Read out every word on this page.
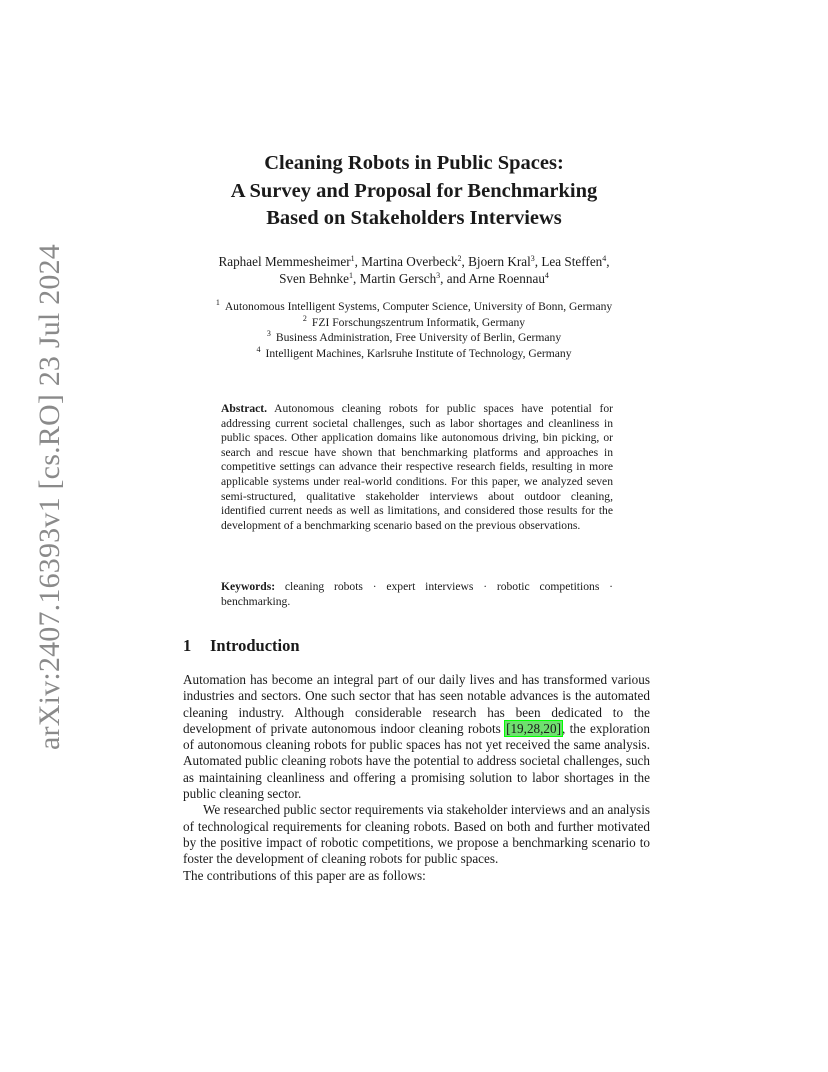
arXiv:2407.16393v1 [cs.RO] 23 Jul 2024
Cleaning Robots in Public Spaces:
A Survey and Proposal for Benchmarking
Based on Stakeholders Interviews
Raphael Memmesheimer$^1$, Martina Overbeck$^2$, Bjoern Kral$^3$, Lea Steffen$^4$,
Sven Behnke$^1$, Martin Gersch$^3$, and Arne Roennau$^4$
$^1$ Autonomous Intelligent Systems, Computer Science, University of Bonn, Germany
$^2$ FZI Forschungszentrum Informatik, Germany
$^3$ Business Administration, Free University of Berlin, Germany
$^4$ Intelligent Machines, Karlsruhe Institute of Technology, Germany
Abstract. Autonomous cleaning robots for public spaces have potential for addressing current societal challenges, such as labor shortages and cleanliness in public spaces. Other application domains like autonomous driving, bin picking, or search and rescue have shown that benchmarking platforms and approaches in competitive settings can advance their respective research fields, resulting in more applicable systems under real-world conditions. For this paper, we analyzed seven semi-structured, qualitative stakeholder interviews about outdoor cleaning, identified current needs as well as limitations, and considered those results for the development of a benchmarking scenario based on the previous observations.
Keywords: cleaning robots · expert interviews · robotic competitions · benchmarking.
1 Introduction

Automation has become an integral part of our daily lives and has transformed various industries and sectors. One such sector that has seen notable advances is the automated cleaning industry. Although considerable research has been dedicated to the development of private autonomous indoor cleaning robots [19,28,20], the exploration of autonomous cleaning robots for public spaces has not yet received the same analysis. Automated public cleaning robots have the potential to address societal challenges, such as maintaining cleanliness and offering a promising solution to labor shortages in the public cleaning sector.

We researched public sector requirements via stakeholder interviews and an analysis of technological requirements for cleaning robots. Based on both and further motivated by the positive impact of robotic competitions, we propose a benchmarking scenario to foster the development of cleaning robots for public spaces.

The contributions of this paper are as follows:
